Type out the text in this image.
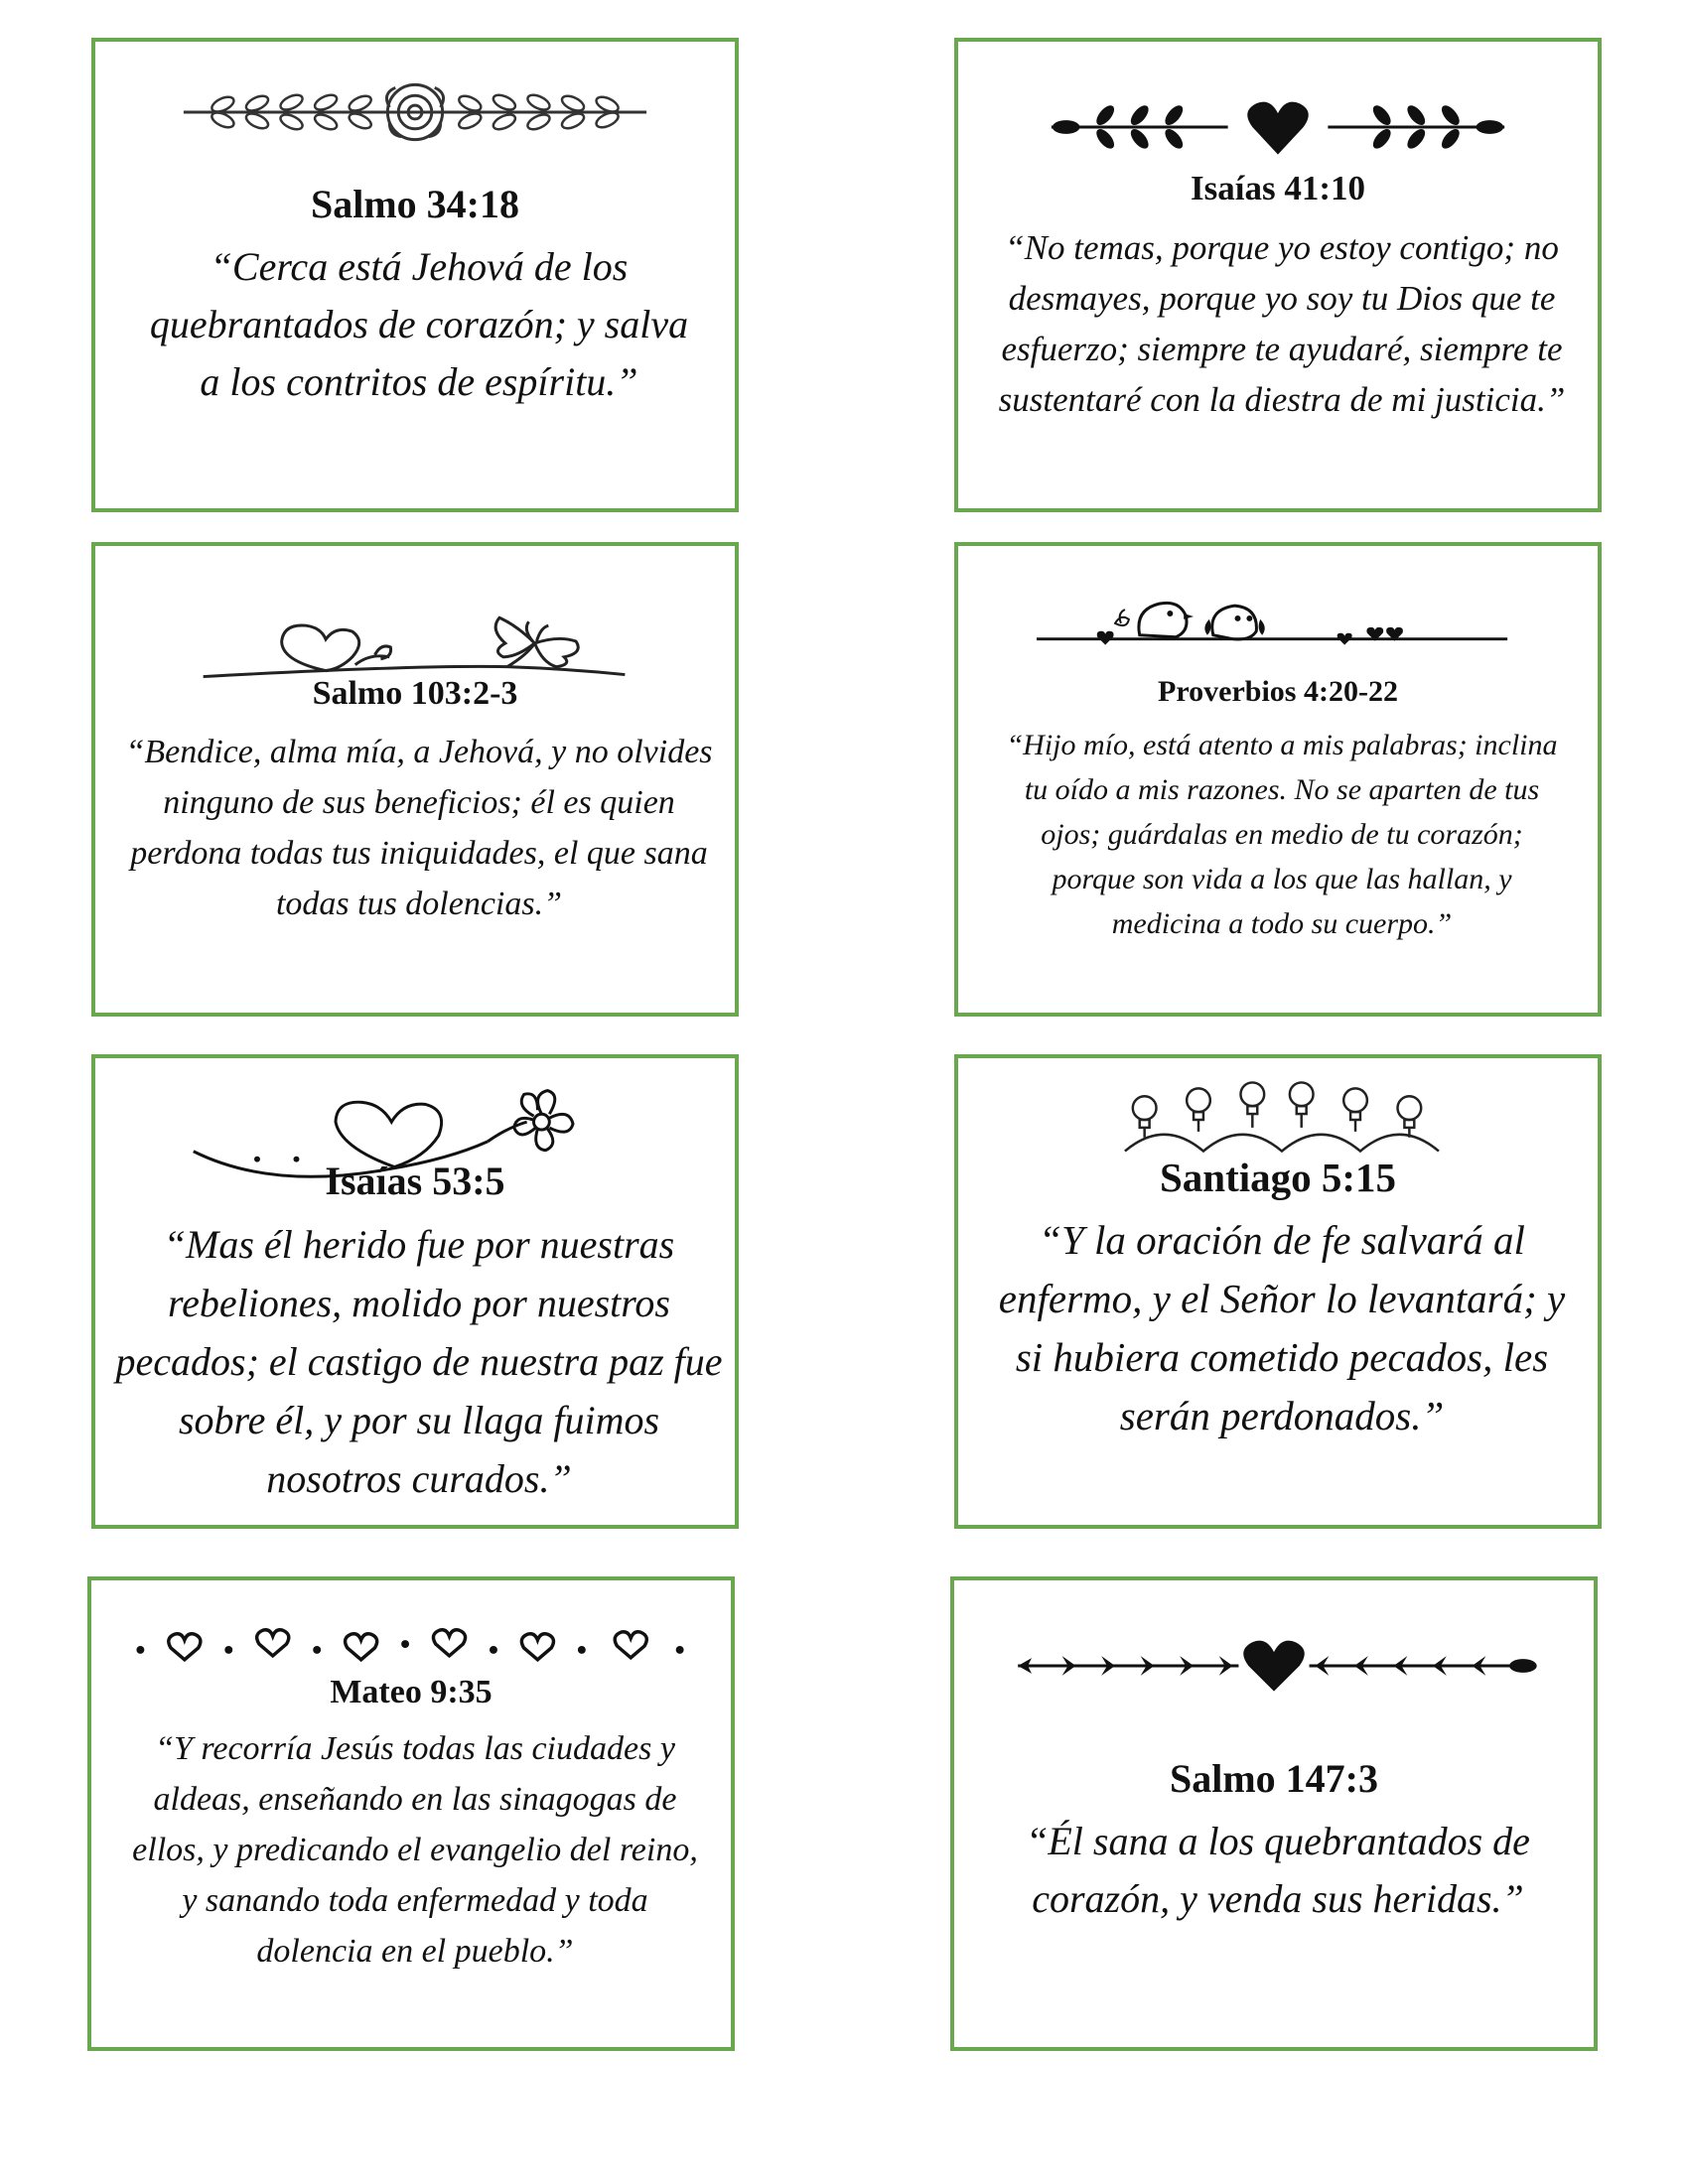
Salmo 34:18

“Cerca está Jehová de los quebrantados de corazón; y salva a los contritos de espíritu.”

Isaías 41:10

“No temas, porque yo estoy contigo; no desmayes, porque yo soy tu Dios que te esfuerzo; siempre te ayudaré, siempre te sustentaré con la diestra de mi justicia.”

Salmo 103:2-3

“Bendice, alma mía, a Jehová, y no olvides ninguno de sus beneficios; él es quien perdona todas tus iniquidades, el que sana todas tus dolencias.”

Proverbios 4:20-22

“Hijo mío, está atento a mis palabras; inclina tu oído a mis razones. No se aparten de tus ojos; guárdalas en medio de tu corazón; porque son vida a los que las hallan, y medicina a todo su cuerpo.”

Isaías 53:5

“Mas él herido fue por nuestras rebeliones, molido por nuestros pecados; el castigo de nuestra paz fue sobre él, y por su llaga fuimos nosotros curados.”

Santiago 5:15

“Y la oración de fe salvará al enfermo, y el Señor lo levantará; y si hubiera cometido pecados, les serán perdonados.”

Mateo 9:35

“Y recorría Jesús todas las ciudades y aldeas, enseñando en las sinagogas de ellos, y predicando el evangelio del reino, y sanando toda enfermedad y toda dolencia en el pueblo.”

Salmo 147:3

“Él sana a los quebrantados de corazón, y venda sus heridas.”
